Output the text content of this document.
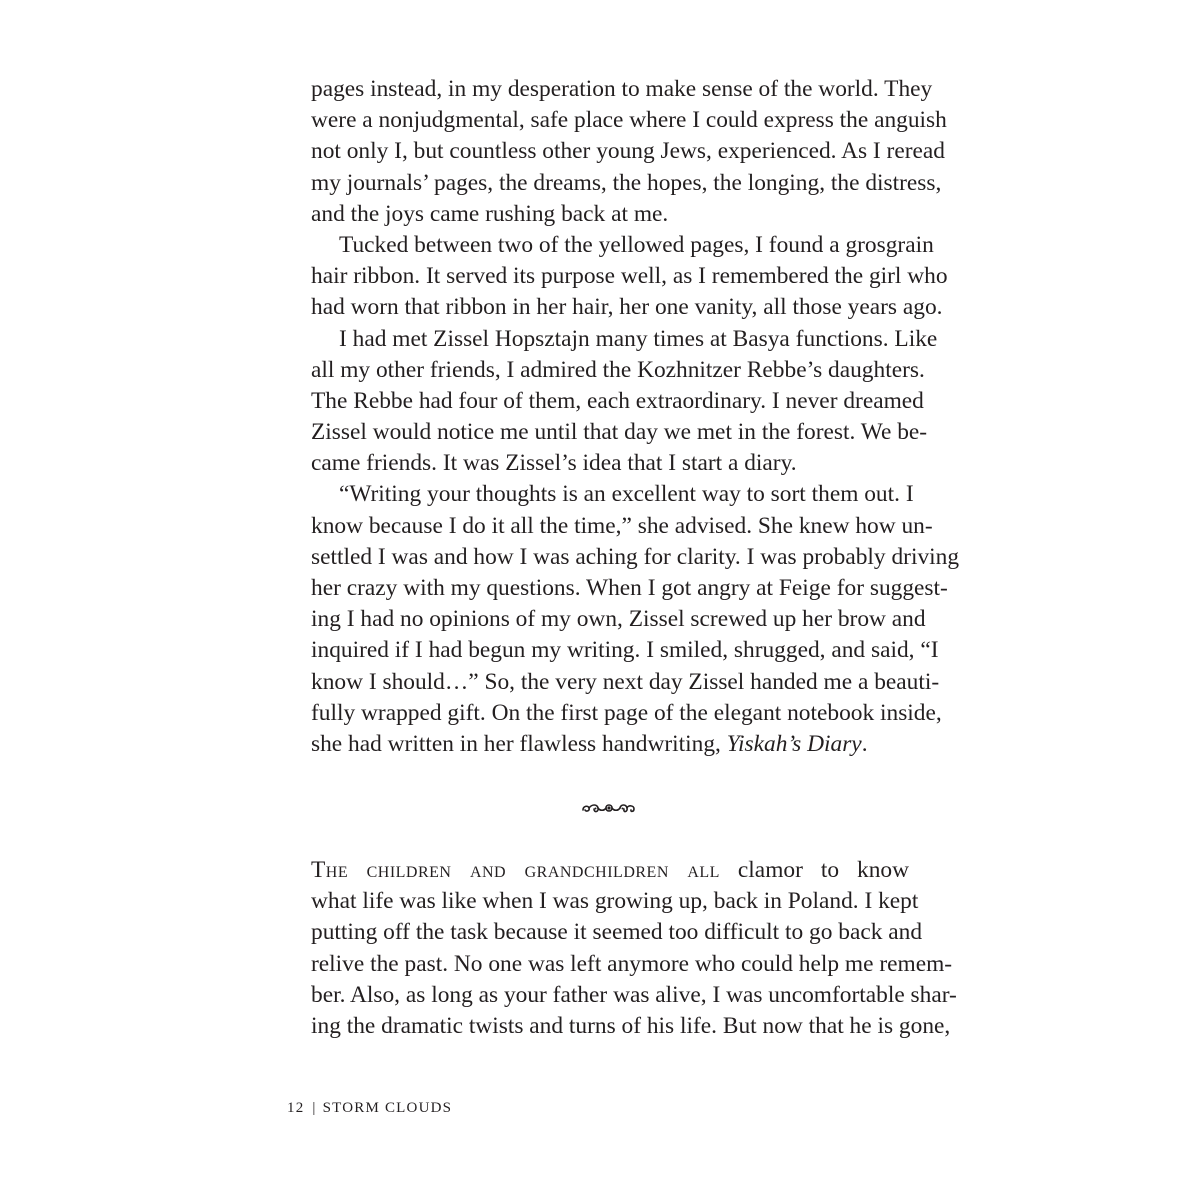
pages instead, in my desperation to make sense of the world. They
were a nonjudgmental, safe place where I could express the anguish
not only I, but countless other young Jews, experienced. As I reread
my journals’ pages, the dreams, the hopes, the longing, the distress,
and the joys came rushing back at me.
Tucked between two of the yellowed pages, I found a grosgrain
hair ribbon. It served its purpose well, as I remembered the girl who
had worn that ribbon in her hair, her one vanity, all those years ago.
I had met Zissel Hopsztajn many times at Basya functions. Like
all my other friends, I admired the Kozhnitzer Rebbe’s daughters.
The Rebbe had four of them, each extraordinary. I never dreamed
Zissel would notice me until that day we met in the forest. We be-
came friends. It was Zissel’s idea that I start a diary.
“Writing your thoughts is an excellent way to sort them out. I
know because I do it all the time,” she advised. She knew how un-
settled I was and how I was aching for clarity. I was probably driving
her crazy with my questions. When I got angry at Feige for suggest-
ing I had no opinions of my own, Zissel screwed up her brow and
inquired if I had begun my writing. I smiled, shrugged, and said, “I
know I should…” So, the very next day Zissel handed me a beauti-
fully wrapped gift. On the first page of the elegant notebook inside,
she had written in her flawless handwriting, Yiskah’s Diary.
The children and grandchildren all clamor to know
what life was like when I was growing up, back in Poland. I kept
putting off the task because it seemed too difficult to go back and
relive the past. No one was left anymore who could help me remem-
ber. Also, as long as your father was alive, I was uncomfortable shar-
ing the dramatic twists and turns of his life. But now that he is gone,
12 | STORM CLOUDS
